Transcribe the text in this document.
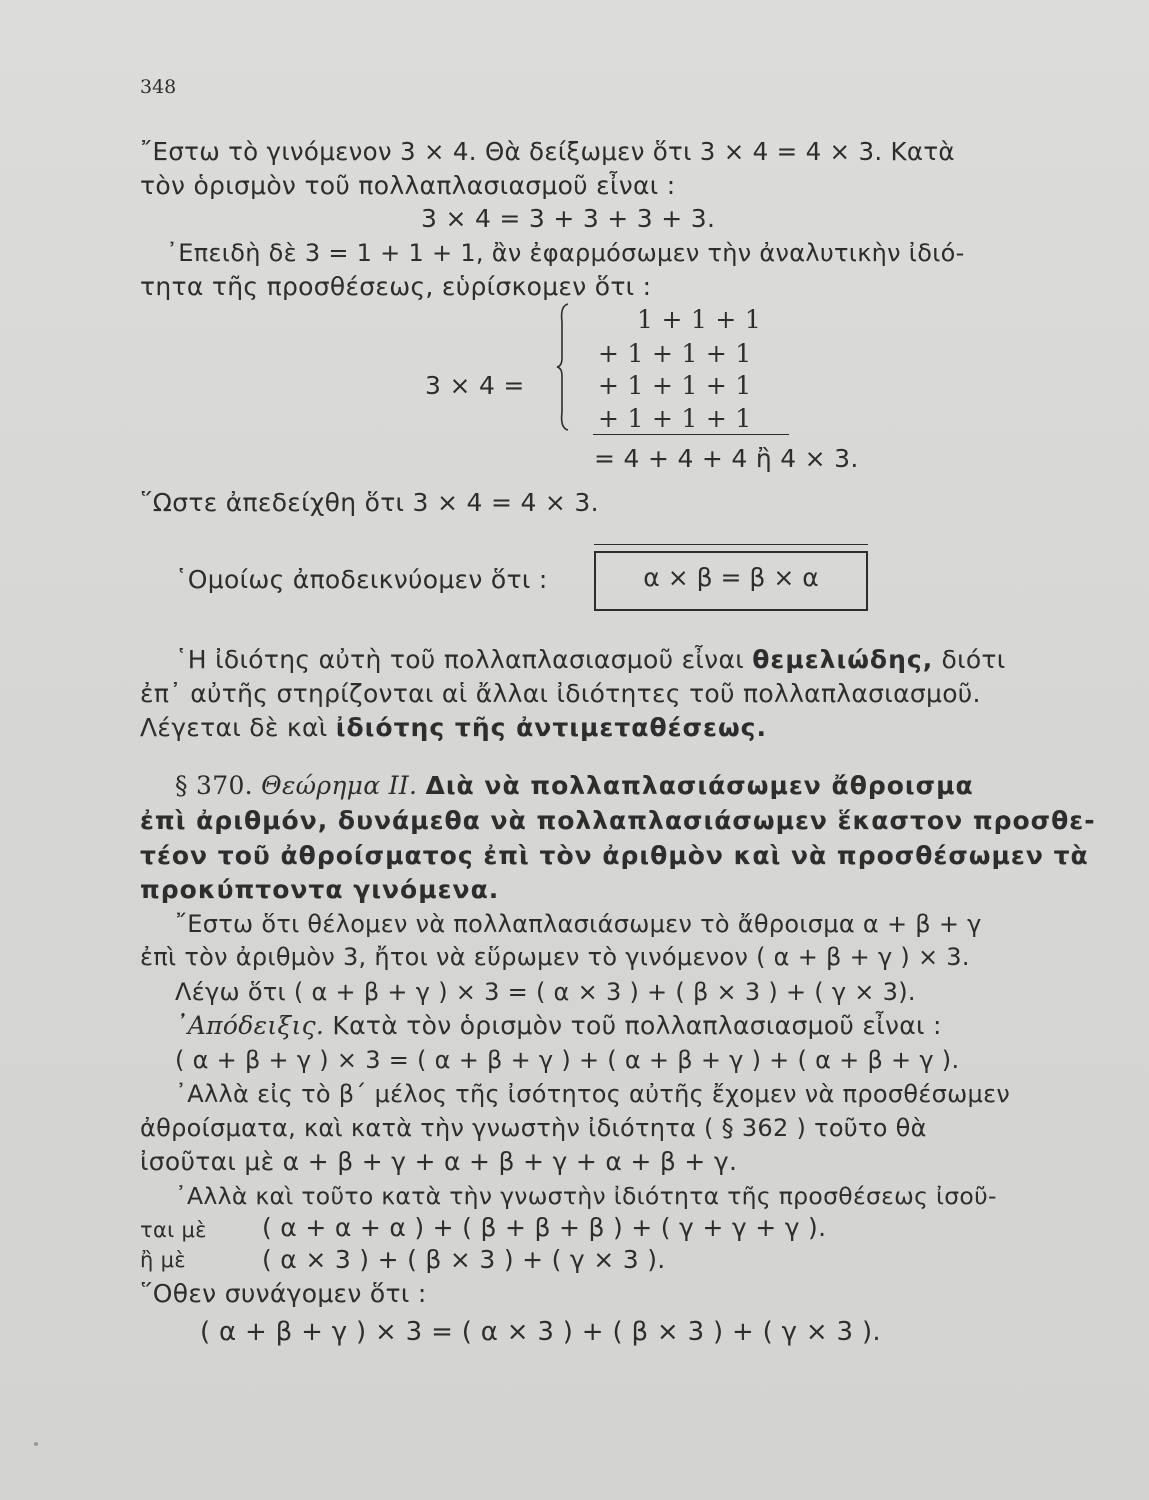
348
῎Εστω τὸ γινόμενον 3 × 4. Θὰ δείξωμεν ὅτι 3 × 4 = 4 × 3. Κατὰ
τὸν ὁρισμὸν τοῦ πολλαπλασιασμοῦ εἶναι :
3 × 4 = 3 + 3 + 3 + 3.
᾿Επειδὴ δὲ 3 = 1 + 1 + 1, ἂν ἐφαρμόσωμεν τὴν ἀναλυτικὴν ἰδιό-
τητα τῆς προσθέσεως, εὑρίσκομεν ὅτι :
1 + 1 + 1
+ 1 + 1 + 1
3 × 4 =	+ 1 + 1 + 1
+ 1 + 1 + 1
= 4 + 4 + 4 ἢ 4 × 3.
῞Ωστε ἀπεδείχθη ὅτι 3 × 4 = 4 × 3.
῾Ομοίως ἀποδεικνύομεν ὅτι :	α × β = β × α
῾Η ἰδιότης αὐτὴ τοῦ πολλαπλασιασμοῦ εἶναι θεμελιώδης, διότι
ἐπ᾿ αὐτῆς στηρίζονται αἱ ἄλλαι ἰδιότητες τοῦ πολλαπλασιασμοῦ.
Λέγεται δὲ καὶ ἰδιότης τῆς ἀντιμεταθέσεως.
§ 370. Θεώρημα ΙΙ. Διὰ νὰ πολλαπλασιάσωμεν ἄθροισμα
ἐπὶ ἀριθμόν, δυνάμεθα νὰ πολλαπλασιάσωμεν ἕκαστον προσθε-
τέον τοῦ ἀθροίσματος ἐπὶ τὸν ἀριθμὸν καὶ νὰ προσθέσωμεν τὰ
προκύπτοντα γινόμενα.
῎Εστω ὅτι θέλομεν νὰ πολλαπλασιάσωμεν τὸ ἄθροισμα α + β + γ
ἐπὶ τὸν ἀριθμὸν 3, ἤτοι νὰ εὕρωμεν τὸ γινόμενον ( α + β + γ ) × 3.
Λέγω ὅτι ( α + β + γ ) × 3 = ( α × 3 ) + ( β × 3 ) + ( γ × 3).
᾿Απόδειξις. Κατὰ τὸν ὁρισμὸν τοῦ πολλαπλασιασμοῦ εἶναι :
( α + β + γ ) × 3 = ( α + β + γ ) + ( α + β + γ ) + ( α + β + γ ).
᾿Αλλὰ εἰς τὸ β΄ μέλος τῆς ἰσότητος αὐτῆς ἔχομεν νὰ προσθέσωμεν
ἀθροίσματα, καὶ κατὰ τὴν γνωστὴν ἰδιότητα ( § 362 ) τοῦτο θὰ
ἰσοῦται μὲ α + β + γ + α + β + γ + α + β + γ.
᾿Αλλὰ καὶ τοῦτο κατὰ τὴν γνωστὴν ἰδιότητα τῆς προσθέσεως ἰσοῦ-
ται μὲ ( α + α + α ) + ( β + β + β ) + ( γ + γ + γ ).
ἢ μὲ	( α × 3 ) + ( β × 3 ) + ( γ × 3 ).
῞Οθεν συνάγομεν ὅτι :
( α + β + γ ) × 3 = ( α × 3 ) + ( β × 3 ) + ( γ × 3 ).
